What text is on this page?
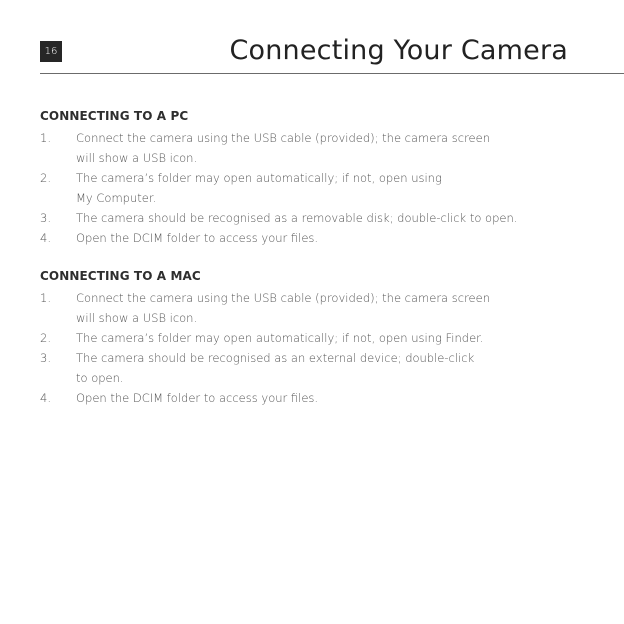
16	Connecting Your Camera
CONNECTING TO A PC
1.	Connect the camera using the USB cable (provided); the camera screen
will show a USB icon.
2.	The camera’s folder may open automatically; if not, open using
My Computer.
3.	The camera should be recognised as a removable disk; double-click to open.
4.	Open the DCIM folder to access your files.
CONNECTING TO A MAC
1.	Connect the camera using the USB cable (provided); the camera screen
will show a USB icon.
2.	The camera’s folder may open automatically; if not, open using Finder.
3.	The camera should be recognised as an external device; double-click
to open.
4.	Open the DCIM folder to access your files.
